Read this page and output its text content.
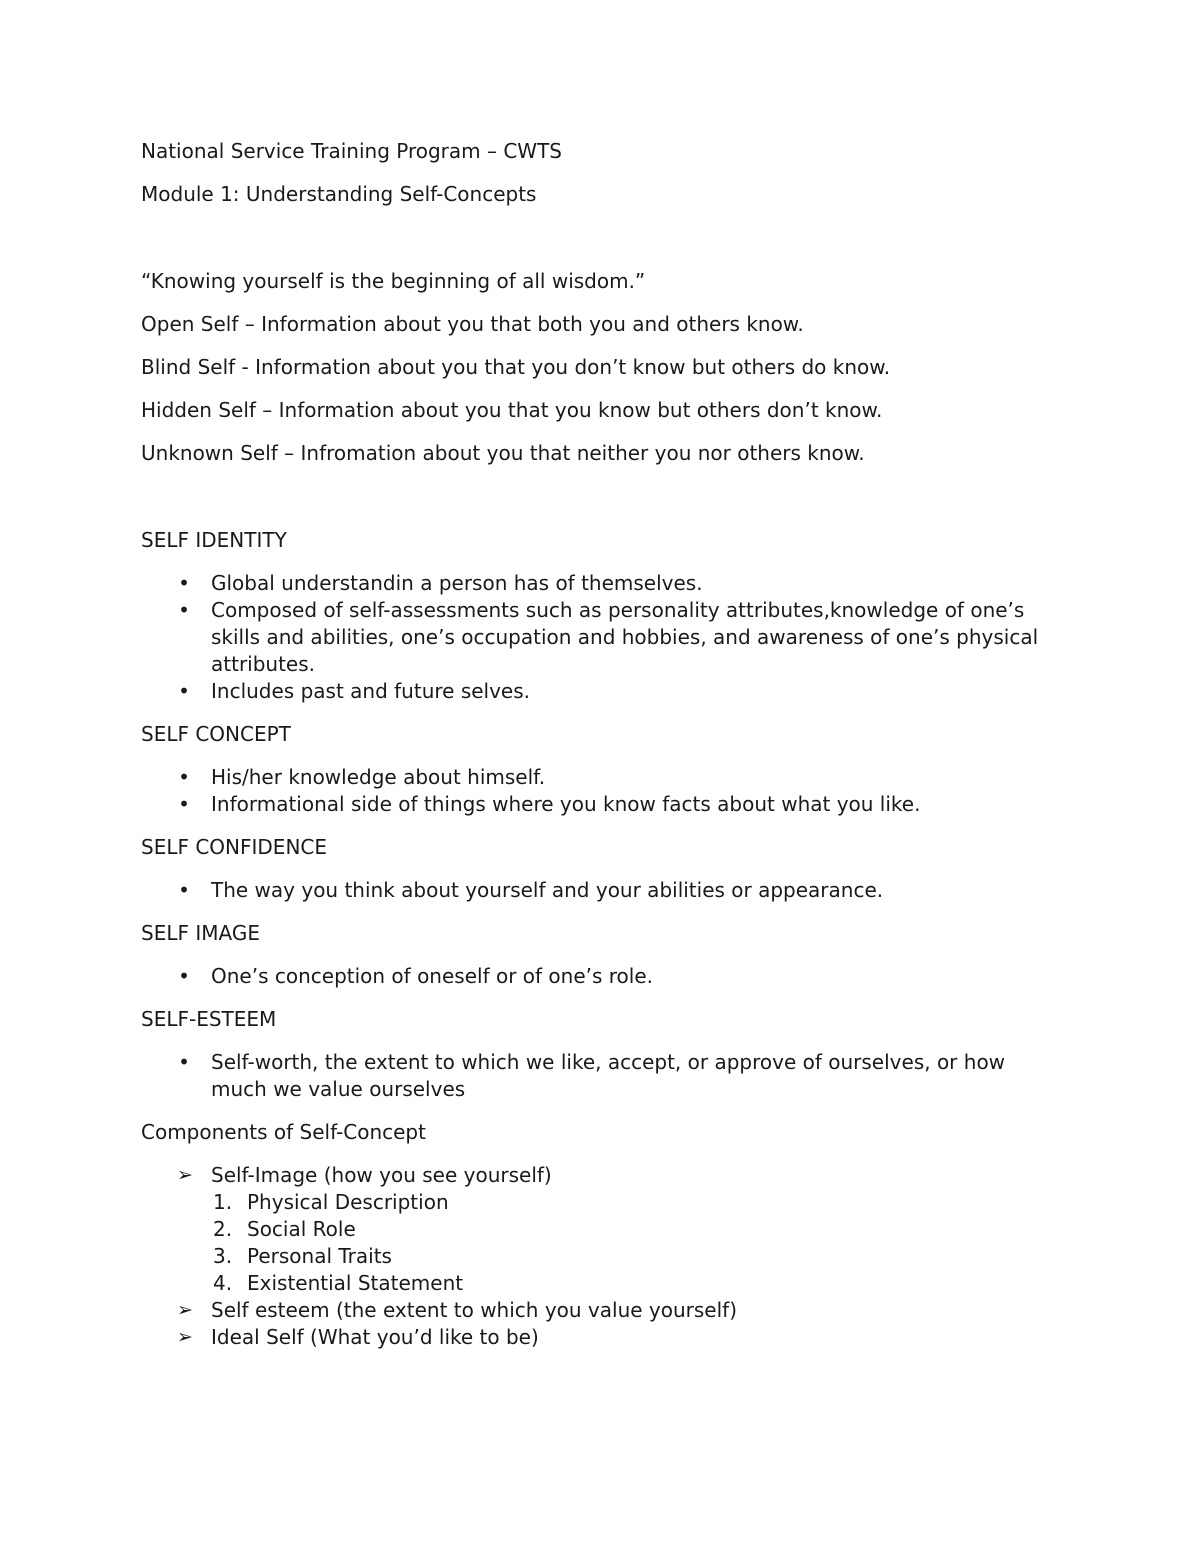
National Service Training Program – CWTS

Module 1: Understanding Self-Concepts

“Knowing yourself is the beginning of all wisdom.”

Open Self – Information about you that both you and others know.

Blind Self - Information about you that you don’t know but others do know.

Hidden Self – Information about you that you know but others don’t know.

Unknown Self – Infromation about you that neither you nor others know.

SELF IDENTITY

• Global understandin a person has of themselves.
• Composed of self-assessments such as personality attributes,knowledge of one’s skills and abilities, one’s occupation and hobbies, and awareness of one’s physical attributes.
• Includes past and future selves.

SELF CONCEPT

• His/her knowledge about himself.
• Informational side of things where you know facts about what you like.

SELF CONFIDENCE

• The way you think about yourself and your abilities or appearance.

SELF IMAGE

• One’s conception of oneself or of one’s role.

SELF-ESTEEM

• Self-worth, the extent to which we like, accept, or approve of ourselves, or how much we value ourselves

Components of Self-Concept

➢ Self-Image (how you see yourself)
1. Physical Description
2. Social Role
3. Personal Traits
4. Existential Statement
➢ Self esteem (the extent to which you value yourself)
➢ Ideal Self (What you’d like to be)
